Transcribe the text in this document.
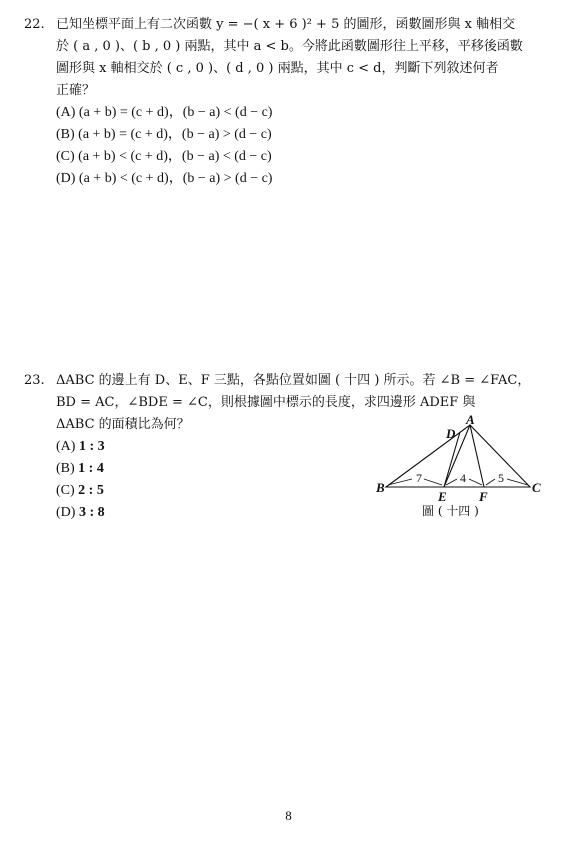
22. 已知坐標平面上有二次函數 y = −( x + 6 )² + 5 的圖形，函數圖形與 x 軸相交
於 ( a , 0 )、( b , 0 ) 兩點，其中 a < b。今將此函數圖形往上平移，平移後函數
圖形與 x 軸相交於 ( c , 0 )、( d , 0 ) 兩點，其中 c < d，判斷下列敘述何者
正確？
(A) (a + b) = (c + d)，(b − a) < (d − c)
(B) (a + b) = (c + d)，(b − a) > (d − c)
(C) (a + b) < (c + d)，(b − a) < (d − c)
(D) (a + b) < (c + d)，(b − a) > (d − c)
23. ΔABC 的邊上有 D、E、F 三點，各點位置如圖 ( 十四 ) 所示。若 ∠B = ∠FAC，
BD = AC，∠BDE = ∠C，則根據圖中標示的長度，求四邊形 ADEF 與
ΔABC 的面積比為何？
(A) 1 : 3
(B) 1 : 4
(C) 2 : 5
(D) 3 : 8
A
D
B	C
E F
7	4	5
圖 ( 十四 )
8
